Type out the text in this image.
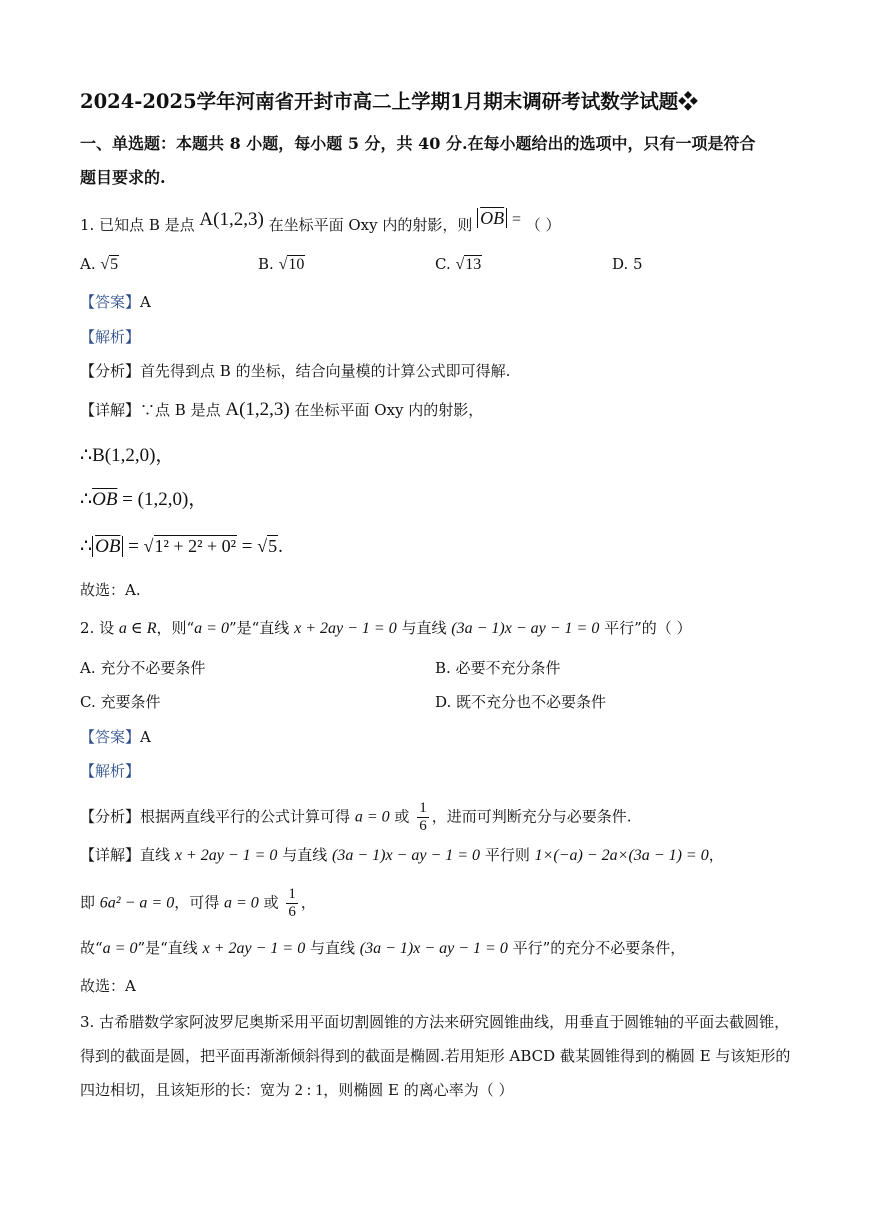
2024-2025学年河南省开封市高二上学期1月期末调研考试数学试题❖
一、单选题：本题共 8 小题，每小题 5 分，共 40 分.在每小题给出的选项中，只有一项是符合
题目要求的.
1. 已知点 B 是点 A(1,2,3) 在坐标平面 Oxy 内的射影，则 $\overline{OB}$ = （ ）
A. √5	B. √10	C. √13	D. 5
【答案】A
【解析】
【分析】首先得到点 B 的坐标，结合向量模的计算公式即可得解.
【详解】∵点 B 是点 A(1,2,3) 在坐标平面 Oxy 内的射影，
∴B(1,2,0)，
$\therefore\overline{OB} = (1,2,0)$，
∴ $\overline{OB} = √1^2 + 2^2 + 0^2 = √5$.
故选：A.
2. 设 a ∈ R，则“a = 0”是“直线 x + 2ay − 1 = 0 与直线 (3a − 1)x − ay − 1 = 0 平行”的（ ）
A. 充分不必要条件	B. 必要不充分条件
C. 充要条件	D. 既不充分也不必要条件
【答案】A
【解析】
【分析】根据两直线平行的公式计算可得 a = 0 或 $\frac{1}{6}$ ，进而可判断充分与必要条件.
【详解】直线 x + 2ay − 1 = 0 与直线 (3a − 1)x − ay − 1 = 0 平行则 1×(−a) − 2a×(3a − 1) = 0，
即 6a² − a = 0，可得 a = 0 或 $\frac{1}{6}$ ，
故“a = 0”是“直线 x + 2ay − 1 = 0 与直线 (3a − 1)x − ay − 1 = 0 平行”的充分不必要条件，
故选：A
3. 古希腊数学家阿波罗尼奥斯采用平面切割圆锥的方法来研究圆锥曲线，用垂直于圆锥轴的平面去截圆锥，
得到的截面是圆，把平面再渐渐倾斜得到的截面是椭圆.若用矩形 ABCD 截某圆锥得到的椭圆 E 与该矩形的
四边相切，且该矩形的长：宽为 2 : 1，则椭圆 E 的离心率为（ ）
